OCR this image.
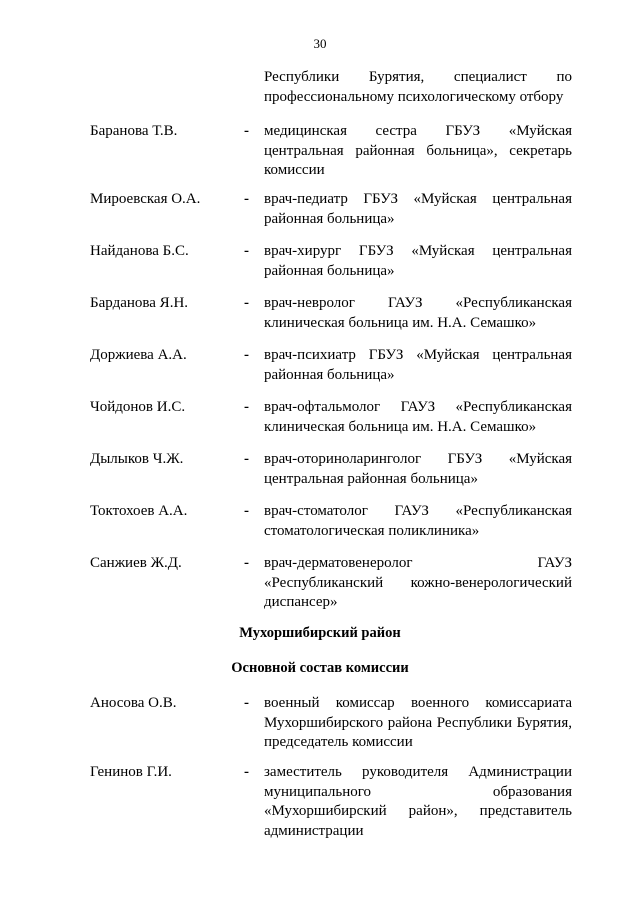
30
Республики Бурятия, специалист по профессиональному психологическому отбору
Баранова Т.В.	- медицинская сестра ГБУЗ «Муйская центральная районная больница», секретарь комиссии
Мироевская О.А.	- врач-педиатр ГБУЗ «Муйская центральная районная больница»
Найданова Б.С.	- врач-хирург ГБУЗ «Муйская центральная районная больница»
Барданова Я.Н.	- врач-невролог ГАУЗ «Республиканская клиническая больница им. Н.А. Семашко»
Доржиева А.А.	- врач-психиатр ГБУЗ «Муйская центральная районная больница»
Чойдонов И.С.	- врач-офтальмолог ГАУЗ «Республиканская клиническая больница им. Н.А. Семашко»
Дылыков Ч.Ж.	- врач-оториноларинголог ГБУЗ «Муйская центральная районная больница»
Токтохоев А.А.	- врач-стоматолог ГАУЗ «Республиканская стоматологическая поликлиника»
Санжиев Ж.Д.	- врач-дерматовенеролог ГАУЗ «Республиканский кожно-венерологический диспансер»
Мухоршибирский район
Основной состав комиссии
Аносова О.В.	- военный комиссар военного комиссариата Мухоршибирского района Республики Бурятия, председатель комиссии
Генинов Г.И.	- заместитель руководителя Администрации муниципального образования «Мухоршибирский район», представитель администрации
